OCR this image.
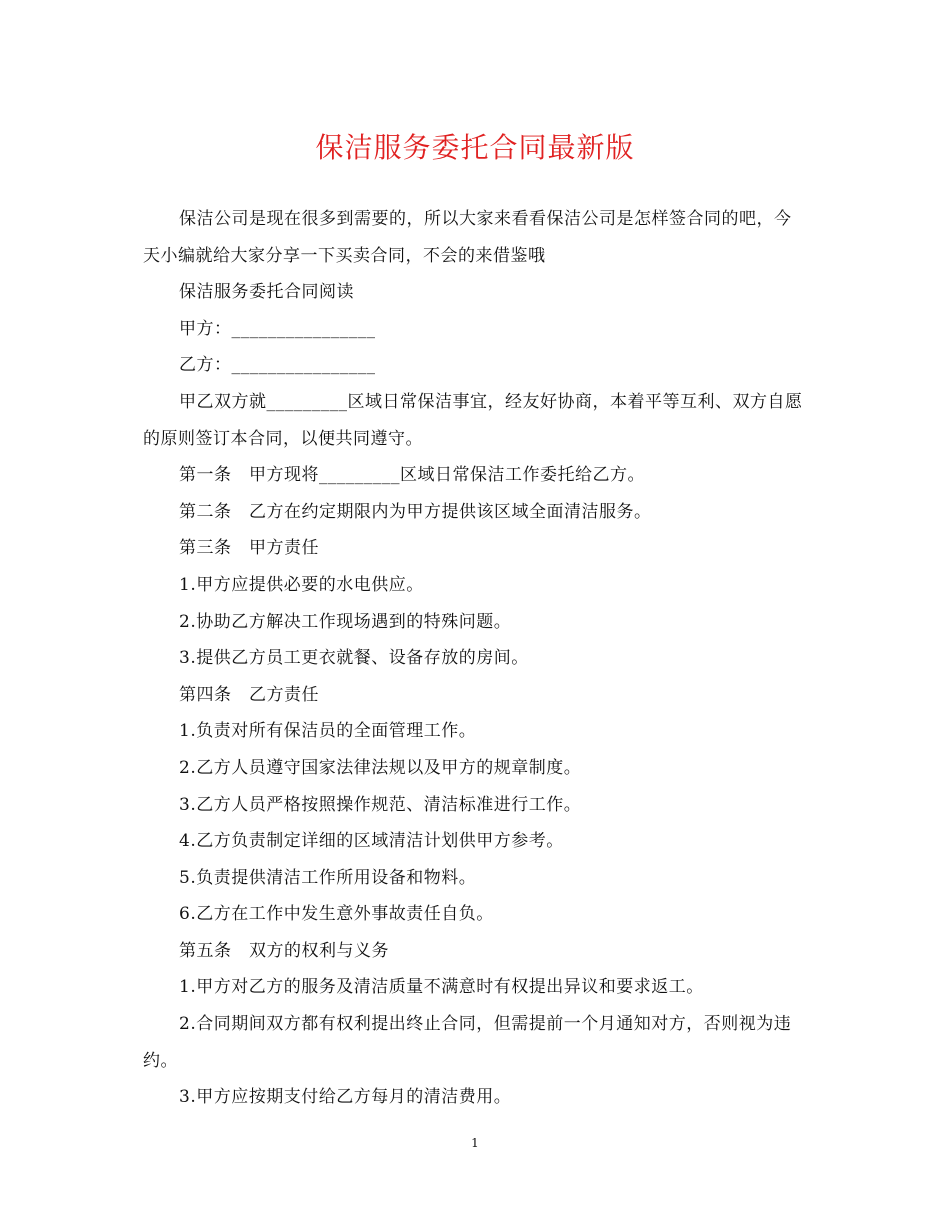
保洁服务委托合同最新版

保洁公司是现在很多到需要的，所以大家来看看保洁公司是怎样签合同的吧，今天小编就给大家分享一下买卖合同，不会的来借鉴哦

保洁服务委托合同阅读

甲方：________________

乙方：________________

甲乙双方就_________区域日常保洁事宜，经友好协商，本着平等互利、双方自愿的原则签订本合同，以便共同遵守。

第一条　甲方现将_________区域日常保洁工作委托给乙方。

第二条　乙方在约定期限内为甲方提供该区域全面清洁服务。

第三条　甲方责任

1.甲方应提供必要的水电供应。

2.协助乙方解决工作现场遇到的特殊问题。

3.提供乙方员工更衣就餐、设备存放的房间。

第四条　乙方责任

1.负责对所有保洁员的全面管理工作。

2.乙方人员遵守国家法律法规以及甲方的规章制度。

3.乙方人员严格按照操作规范、清洁标准进行工作。

4.乙方负责制定详细的区域清洁计划供甲方参考。

5.负责提供清洁工作所用设备和物料。

6.乙方在工作中发生意外事故责任自负。

第五条　双方的权利与义务

1.甲方对乙方的服务及清洁质量不满意时有权提出异议和要求返工。

2.合同期间双方都有权利提出终止合同，但需提前一个月通知对方，否则视为违约。

3.甲方应按期支付给乙方每月的清洁费用。

1
